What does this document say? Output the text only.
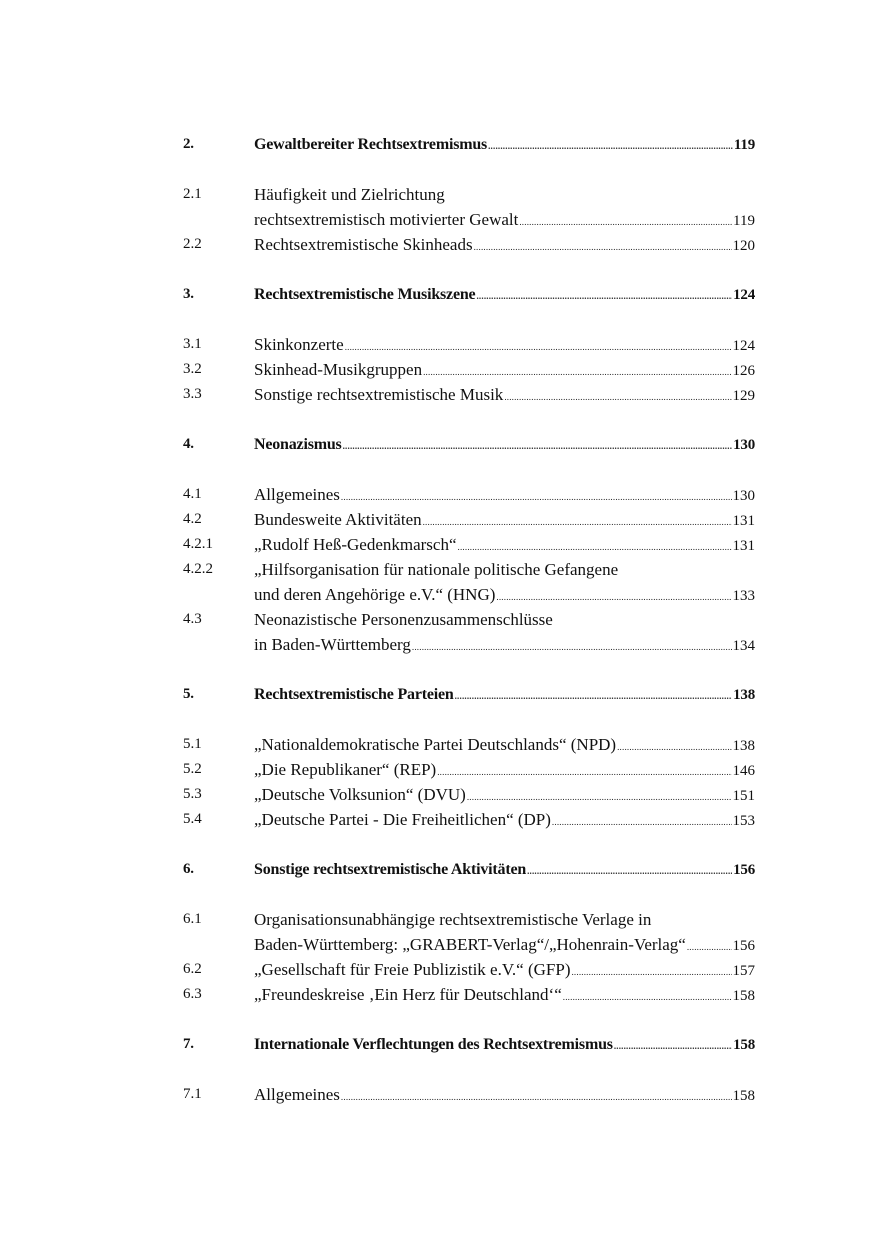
2.	Gewaltbereiter Rechtsextremismus .....	119
2.1	Häufigkeit und Zielrichtung
rechtsextremistisch motivierter Gewalt .....	119
2.2	Rechtsextremistische Skinheads .....	120
3.	Rechtsextremistische Musikszene .....	124
3.1	Skinkonzerte .....	124
3.2	Skinhead-Musikgruppen .....	126
3.3	Sonstige rechtsextremistische Musik .....	129
4.	Neonazismus .....	130
4.1	Allgemeines .....	130
4.2	Bundesweite Aktivitäten .....	131
4.2.1 „Rudolf Heß-Gedenkmarsch“ .....	131
4.2.2 „Hilfsorganisation für nationale politische Gefangene
und deren Angehörige e.V.“ (HNG) .....	133
4.3	Neonazistische Personenzusammenschlüsse
in Baden-Württemberg .....	134
5.	Rechtsextremistische Parteien .....	138
5.1	„Nationaldemokratische Partei Deutschlands“ (NPD) .....	138
5.2	„Die Republikaner“ (REP) .....	146
5.3	„Deutsche Volksunion“ (DVU) .....	151
5.4	„Deutsche Partei - Die Freiheitlichen“ (DP) .....	153
6.	Sonstige rechtsextremistische Aktivitäten .....	156
6.1	Organisationsunabhängige rechtsextremistische Verlage in
Baden-Württemberg: „GRABERT-Verlag“/„Hohenrain-Verlag“ .....	156
6.2	„Gesellschaft für Freie Publizistik e.V.“ (GFP) .....	157
6.3	„Freundeskreise ‚Ein Herz für Deutschland‘“ .....	158
7.	Internationale Verflechtungen des Rechtsextremismus .....	158
7.1	Allgemeines .....	158
